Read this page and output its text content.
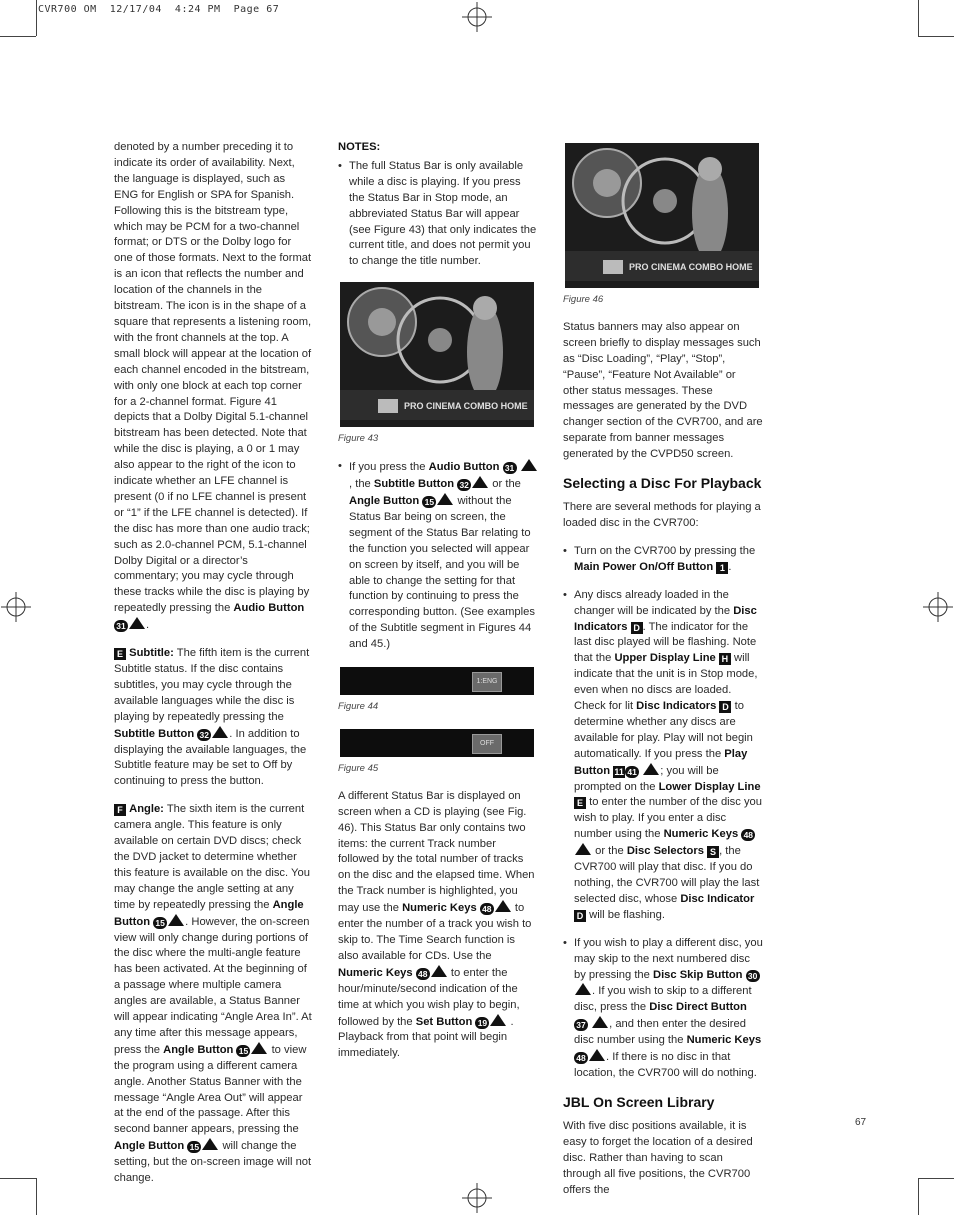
CVR700 OM  12/17/04  4:24 PM  Page 67

denoted by a number preceding it to indicate its order of availability. Next, the language is displayed, such as ENG for English or SPA for Spanish. Following this is the bitstream type, which may be PCM for a two-channel format; or DTS or the Dolby logo for one of those formats. Next to the format is an icon that reflects the number and location of the channels in the bitstream. The icon is in the shape of a square that represents a listening room, with the front channels at the top. A small block will appear at the location of each channel encoded in the bitstream, with only one block at each top corner for a 2-channel format. Figure 41 depicts that a Dolby Digital 5.1-channel bitstream has been detected. Note that while the disc is playing, a 0 or 1 may also appear to the right of the icon to indicate whether an LFE channel is present (0 if no LFE channel is present or “1” if the LFE channel is detected). If the disc has more than one audio track; such as 2.0-channel PCM, 5.1-channel Dolby Digital or a director’s commentary; you may cycle through these tracks while the disc is playing by repeatedly pressing the Audio Button 31 .

E Subtitle: The fifth item is the current Subtitle status. If the disc contains subtitles, you may cycle through the available languages while the disc is playing by repeatedly pressing the Subtitle Button 32 . In addition to displaying the available languages, the Subtitle feature may be set to Off by continuing to press the button.

F Angle: The sixth item is the current camera angle. This feature is only available on certain DVD discs; check the DVD jacket to determine whether this feature is available on the disc. You may change the angle setting at any time by repeatedly pressing the Angle Button 15 . However, the on-screen view will only change during portions of the disc where the multi-angle feature has been activated. At the beginning of a passage where multiple camera angles are available, a Status Banner will appear indicating “Angle Area In”. At any time after this message appears, press the Angle Button 15 to view the program using a different camera angle. Another Status Banner with the message “Angle Area Out” will appear at the end of the passage. After this second banner appears, pressing the Angle Button 15 will change the setting, but the on-screen image will not change.

NOTES:
• The full Status Bar is only available while a disc is playing. If you press the Status Bar in Stop mode, an abbreviated Status Bar will appear (see Figure 43) that only indicates the current title, and does not permit you to change the title number.
PRO CINEMA COMBO HOME
Figure 43
• If you press the Audio Button 31 , the Subtitle Button 32 or the Angle Button 15 without the Status Bar being on screen, the segment of the Status Bar relating to the function you selected will appear on screen by itself, and you will be able to change the setting for that function by continuing to press the corresponding button. (See examples of the Subtitle segment in Figures 44 and 45.)
1:ENG
Figure 44
OFF
Figure 45

A different Status Bar is displayed on screen when a CD is playing (see Fig. 46). This Status Bar only contains two items: the current Track number followed by the total number of tracks on the disc and the elapsed time. When the Track number is highlighted, you may use the Numeric Keys 48 to enter the number of a track you wish to skip to. The Time Search function is also available for CDs. Use the Numeric Keys 48 to enter the hour/minute/second indication of the time at which you wish play to begin, followed by the Set Button 19 . Playback from that point will begin immediately.

PRO CINEMA COMBO HOME
Figure 46

Status banners may also appear on screen briefly to display messages such as “Disc Loading”, “Play”, “Stop”, “Pause”, “Feature Not Available” or other status messages. These messages are generated by the DVD changer section of the CVR700, and are separate from banner messages generated by the CVPD50 screen.

Selecting a Disc For Playback

There are several methods for playing a loaded disc in the CVR700:

• Turn on the CVR700 by pressing the Main Power On/Off Button 1 .
• Any discs already loaded in the changer will be indicated by the Disc Indicators D . The indicator for the last disc played will be flashing. Note that the Upper Display Line H will indicate that the unit is in Stop mode, even when no discs are loaded. Check for lit Disc Indicators D to determine whether any discs are available for play. Play will not begin automatically. If you press the Play Button 11 41 ; you will be prompted on the Lower Display Line E to enter the number of the disc you wish to play. If you enter a disc number using the Numeric Keys 48 or the Disc Selectors S , the CVR700 will play that disc. If you do nothing, the CVR700 will play the last selected disc, whose Disc Indicator D will be flashing.
• If you wish to play a different disc, you may skip to the next numbered disc by pressing the Disc Skip Button 30 . If you wish to skip to a different disc, press the Disc Direct Button 37 , and then enter the desired disc number using the Numeric Keys 48 . If there is no disc in that location, the CVR700 will do nothing.
JBL On Screen Library

With five disc positions available, it is easy to forget the location of a desired disc. Rather than having to scan through all five positions, the CVR700 offers the

67
